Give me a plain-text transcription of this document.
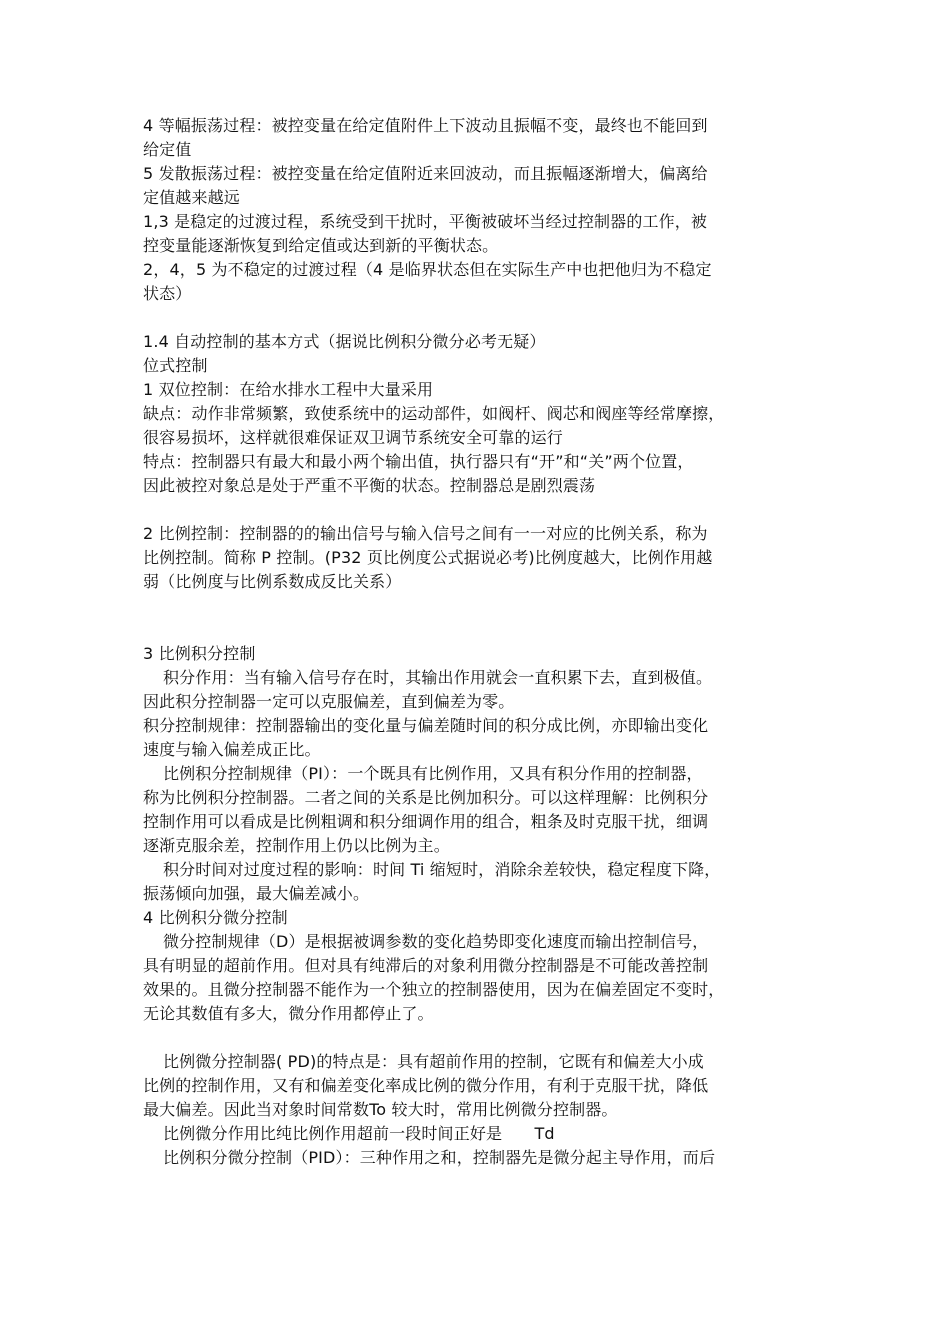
4 等幅振荡过程：被控变量在给定值附件上下波动且振幅不变，最终也不能回到
给定值
5 发散振荡过程：被控变量在给定值附近来回波动，而且振幅逐渐增大，偏离给
定值越来越远
1,3 是稳定的过渡过程，系统受到干扰时，平衡被破坏当经过控制器的工作，被
控变量能逐渐恢复到给定值或达到新的平衡状态。
2，4，5 为不稳定的过渡过程（4 是临界状态但在实际生产中也把他归为不稳定
状态）
1.4 自动控制的基本方式（据说比例积分微分必考无疑）
位式控制
1 双位控制：在给水排水工程中大量采用
缺点：动作非常频繁，致使系统中的运动部件，如阀杆、阀芯和阀座等经常摩擦，
很容易损坏，这样就很难保证双卫调节系统安全可靠的运行
特点：控制器只有最大和最小两个输出值，执行器只有“开”和“关”两个位置，
因此被控对象总是处于严重不平衡的状态。控制器总是剧烈震荡
2 比例控制：控制器的的输出信号与输入信号之间有一一对应的比例关系，称为
比例控制。简称 P 控制。(P32 页比例度公式据说必考)比例度越大，比例作用越
弱（比例度与比例系数成反比关系）
3 比例积分控制
积分作用：当有输入信号存在时，其输出作用就会一直积累下去，直到极值。
因此积分控制器一定可以克服偏差，直到偏差为零。
积分控制规律：控制器输出的变化量与偏差随时间的积分成比例，亦即输出变化
速度与输入偏差成正比。
比例积分控制规律（PI）：一个既具有比例作用，又具有积分作用的控制器，
称为比例积分控制器。二者之间的关系是比例加积分。可以这样理解：比例积分
控制作用可以看成是比例粗调和积分细调作用的组合，粗条及时克服干扰，细调
逐渐克服余差，控制作用上仍以比例为主。
积分时间对过度过程的影响：时间 Ti 缩短时，消除余差较快，稳定程度下降，
振荡倾向加强，最大偏差减小。
4 比例积分微分控制
微分控制规律（D）是根据被调参数的变化趋势即变化速度而输出控制信号，
具有明显的超前作用。但对具有纯滞后的对象利用微分控制器是不可能改善控制
效果的。且微分控制器不能作为一个独立的控制器使用，因为在偏差固定不变时，
无论其数值有多大，微分作用都停止了。
比例微分控制器( PD)的特点是：具有超前作用的控制，它既有和偏差大小成
比例的控制作用，又有和偏差变化率成比例的微分作用，有利于克服干扰，降低
最大偏差。因此当对象时间常数To 较大时，常用比例微分控制器。
比例微分作用比纯比例作用超前一段时间正好是　　Td
比例积分微分控制（PID）：三种作用之和，控制器先是微分起主导作用，而后
